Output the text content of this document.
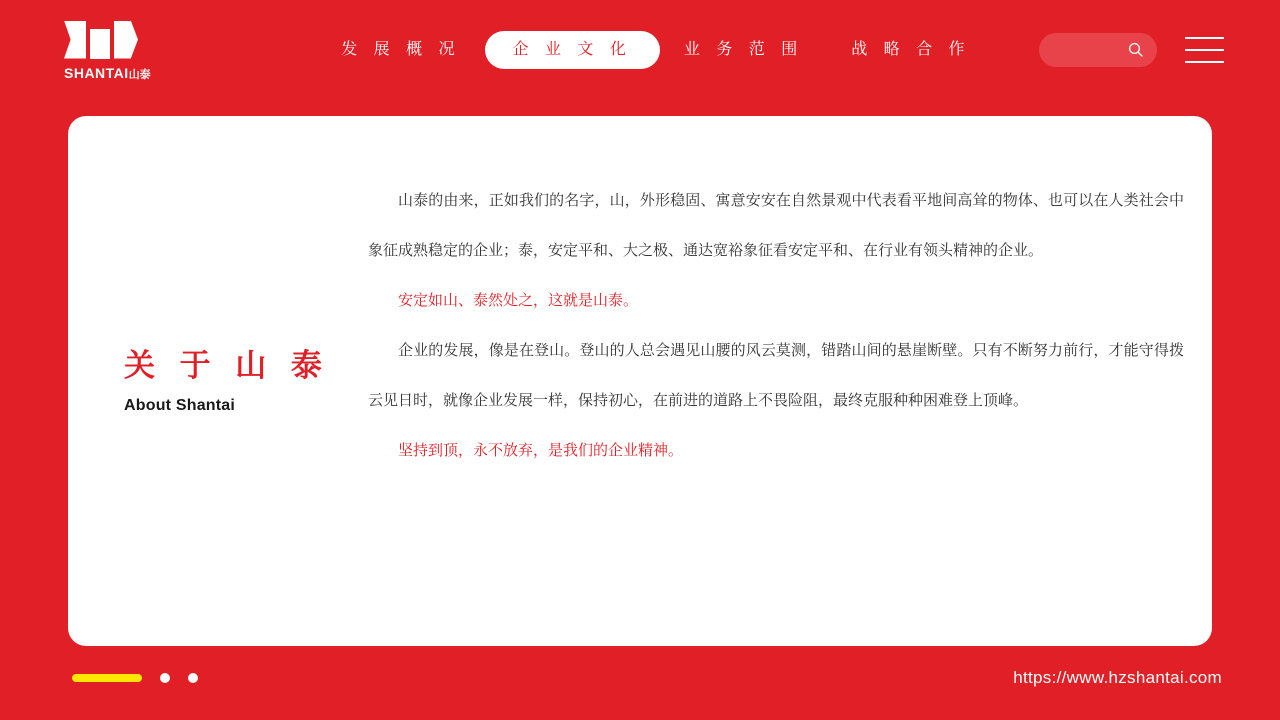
SHANTAI山泰
发 展 概 况	企 业 文 化	业 务 范 围	战 略 合 作
关 于 山 泰
About Shantai

山泰的由来，正如我们的名字，山，外形稳固、寓意安安在自然景观中代表看平地间高耸的物体、也可以在人类社会中象征成熟稳定的企业；泰，安定平和、大之极、通达宽裕象征看安定平和、在行业有领头精神的企业。

安定如山、泰然处之，这就是山泰。

企业的发展，像是在登山。登山的人总会遇见山腰的风云莫测，错踏山间的悬崖断壁。只有不断努力前行，才能守得拨云见日时，就像企业发展一样，保持初心，在前进的道路上不畏险阻，最终克服种种困难登上顶峰。

坚持到顶，永不放弃，是我们的企业精神。

https://www.hzshantai.com
